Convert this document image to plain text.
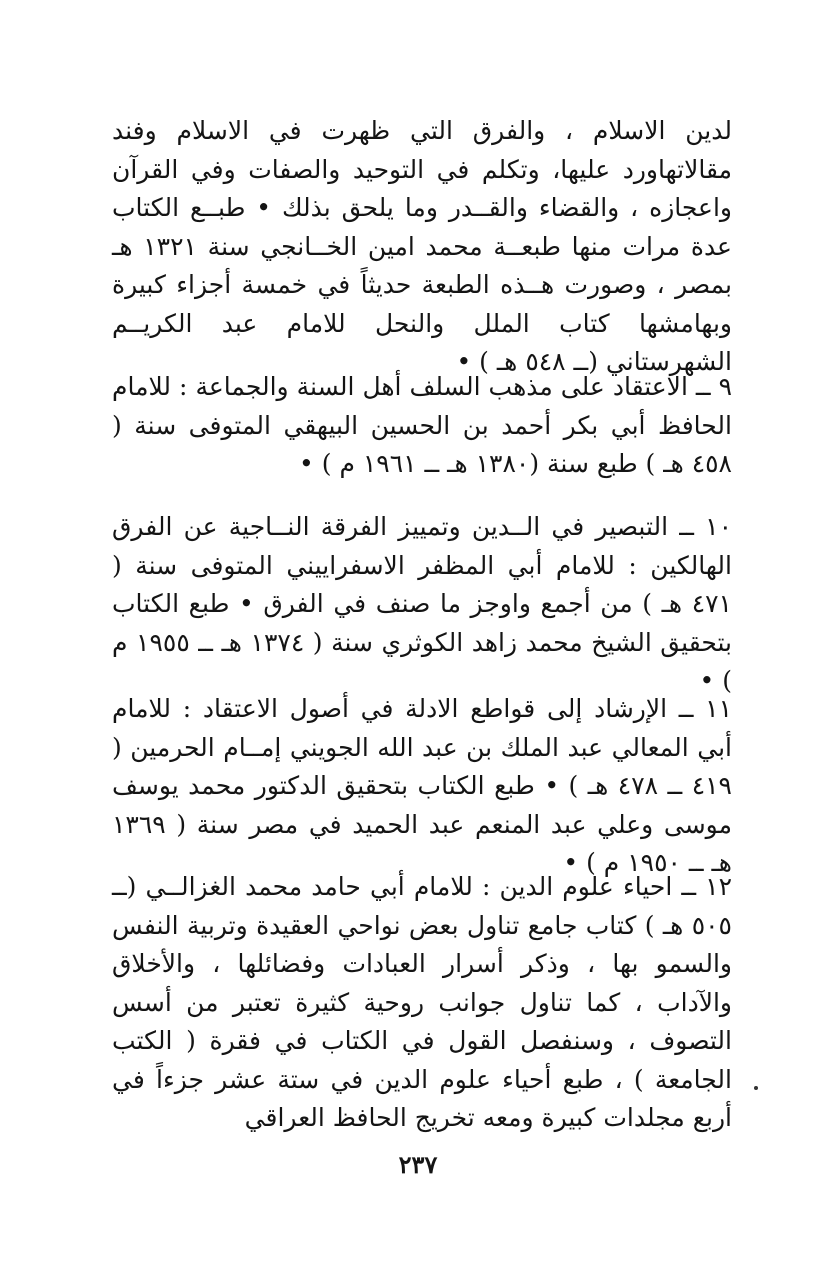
لدين الاسلام ، والفرق التي ظهرت في الاسلام وفند مقالاتهاورد عليها، وتكلم في التوحيد والصفات وفي القرآن واعجازه ، والقضاء والقــدر وما يلحق بذلك • طبــع الكتاب عدة مرات منها طبعــة محمد امين الخــانجي سنة ١٣٢١ هـ بمصر ، وصورت هــذه الطبعة حديثاً في خمسة أجزاء كبيرة وبهامشها كتاب الملل والنحل للامام عبد الكريــم الشهرستاني (ــ ٥٤٨ هـ ) •

٩ ــ الاعتقاد على مذهب السلف أهل السنة والجماعة : للامام الحافظ أبي بكر أحمد بن الحسين البيهقي المتوفى سنة ( ٤٥٨ هـ ) طبع سنة (١٣٨٠ هـ ــ ١٩٦١ م ) •

١٠ ــ التبصير في الــدين وتمييز الفرقة النــاجية عن الفرق الهالكين : للامام أبي المظفر الاسفراييني المتوفى سنة ( ٤٧١ هـ ) من أجمع واوجز ما صنف في الفرق • طبع الكتاب بتحقيق الشيخ محمد زاهد الكوثري سنة ( ١٣٧٤ هـ ــ ١٩٥٥ م ) •

١١ ــ الإرشاد إلى قواطع الادلة في أصول الاعتقاد : للامام أبي المعالي عبد الملك بن عبد الله الجويني إمــام الحرمين ( ٤١٩ ــ ٤٧٨ هـ ) • طبع الكتاب بتحقيق الدكتور محمد يوسف موسى وعلي عبد المنعم عبد الحميد في مصر سنة ( ١٣٦٩ هـ ــ ١٩٥٠ م ) •

١٢ ــ احياء علوم الدين : للامام أبي حامد محمد الغزالــي (ــ ٥٠٥ هـ ) كتاب جامع تناول بعض نواحي العقيدة وتربية النفس والسمو بها ، وذكر أسرار العبادات وفضائلها ، والأخلاق والآداب ، كما تناول جوانب روحية كثيرة تعتبر من أسس التصوف ، وسنفصل القول في الكتاب في فقرة ( الكتب الجامعة ) ، طبع أحياء علوم الدين في ستة عشر جزءاً في أربع مجلدات كبيرة ومعه تخريج الحافظ العراقي

٢٣٧
